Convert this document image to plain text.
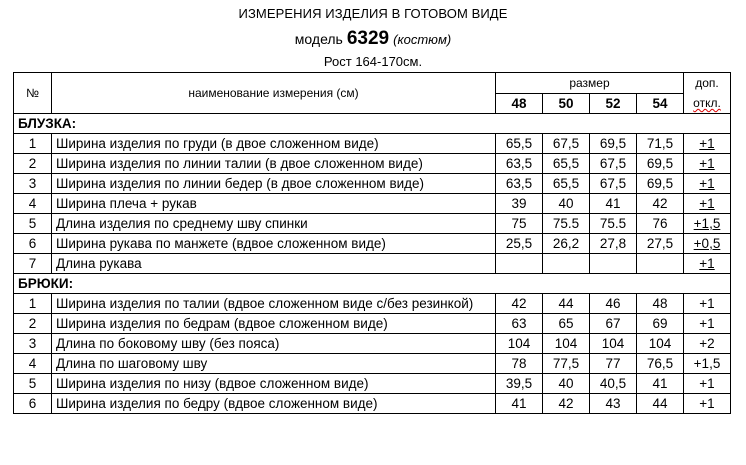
ИЗМЕРЕНИЯ ИЗДЕЛИЯ В ГОТОВОМ ВИДЕ
модель 6329 (костюм)
Рост 164-170см.
№	наименование измерения (см)	размер				доп.
откл.

		48	50	52	54	
БЛУЗКА:						
1	Ширина изделия по груди (в двое сложенном виде)	65,5	67,5	69,5	71,5	+1
2	Ширина изделия по линии талии (в двое сложенном виде)	63,5	65,5	67,5	69,5	+1
3	Ширина изделия по линии бедер (в двое сложенном виде)	63,5	65,5	67,5	69,5	+1
4	Ширина плеча + рукав	39	40	41	42	+1
5	Длина изделия по среднему шву спинки	75	75.5	75.5	76	+1,5
6	Ширина рукава по манжете (вдвое сложенном виде)	25,5	26,2	27,8	27,5	+0,5
7	Длина рукава					+1
БРЮКИ:						
1	Ширина изделия по талии (вдвое сложенном виде с/без резинкой)	42	44	46	48	+1
2	Ширина изделия по бедрам (вдвое сложенном виде)	63	65	67	69	+1
3	Длина по боковому шву (без пояса)	104	104	104	104	+2
4	Длина по шаговому шву	78	77,5	77	76,5	+1,5
5	Ширина изделия по низу (вдвое сложенном виде)	39,5	40	40,5	41	+1
6	Ширина изделия по бедру (вдвое сложенном виде)	41	42	43	44	+1
